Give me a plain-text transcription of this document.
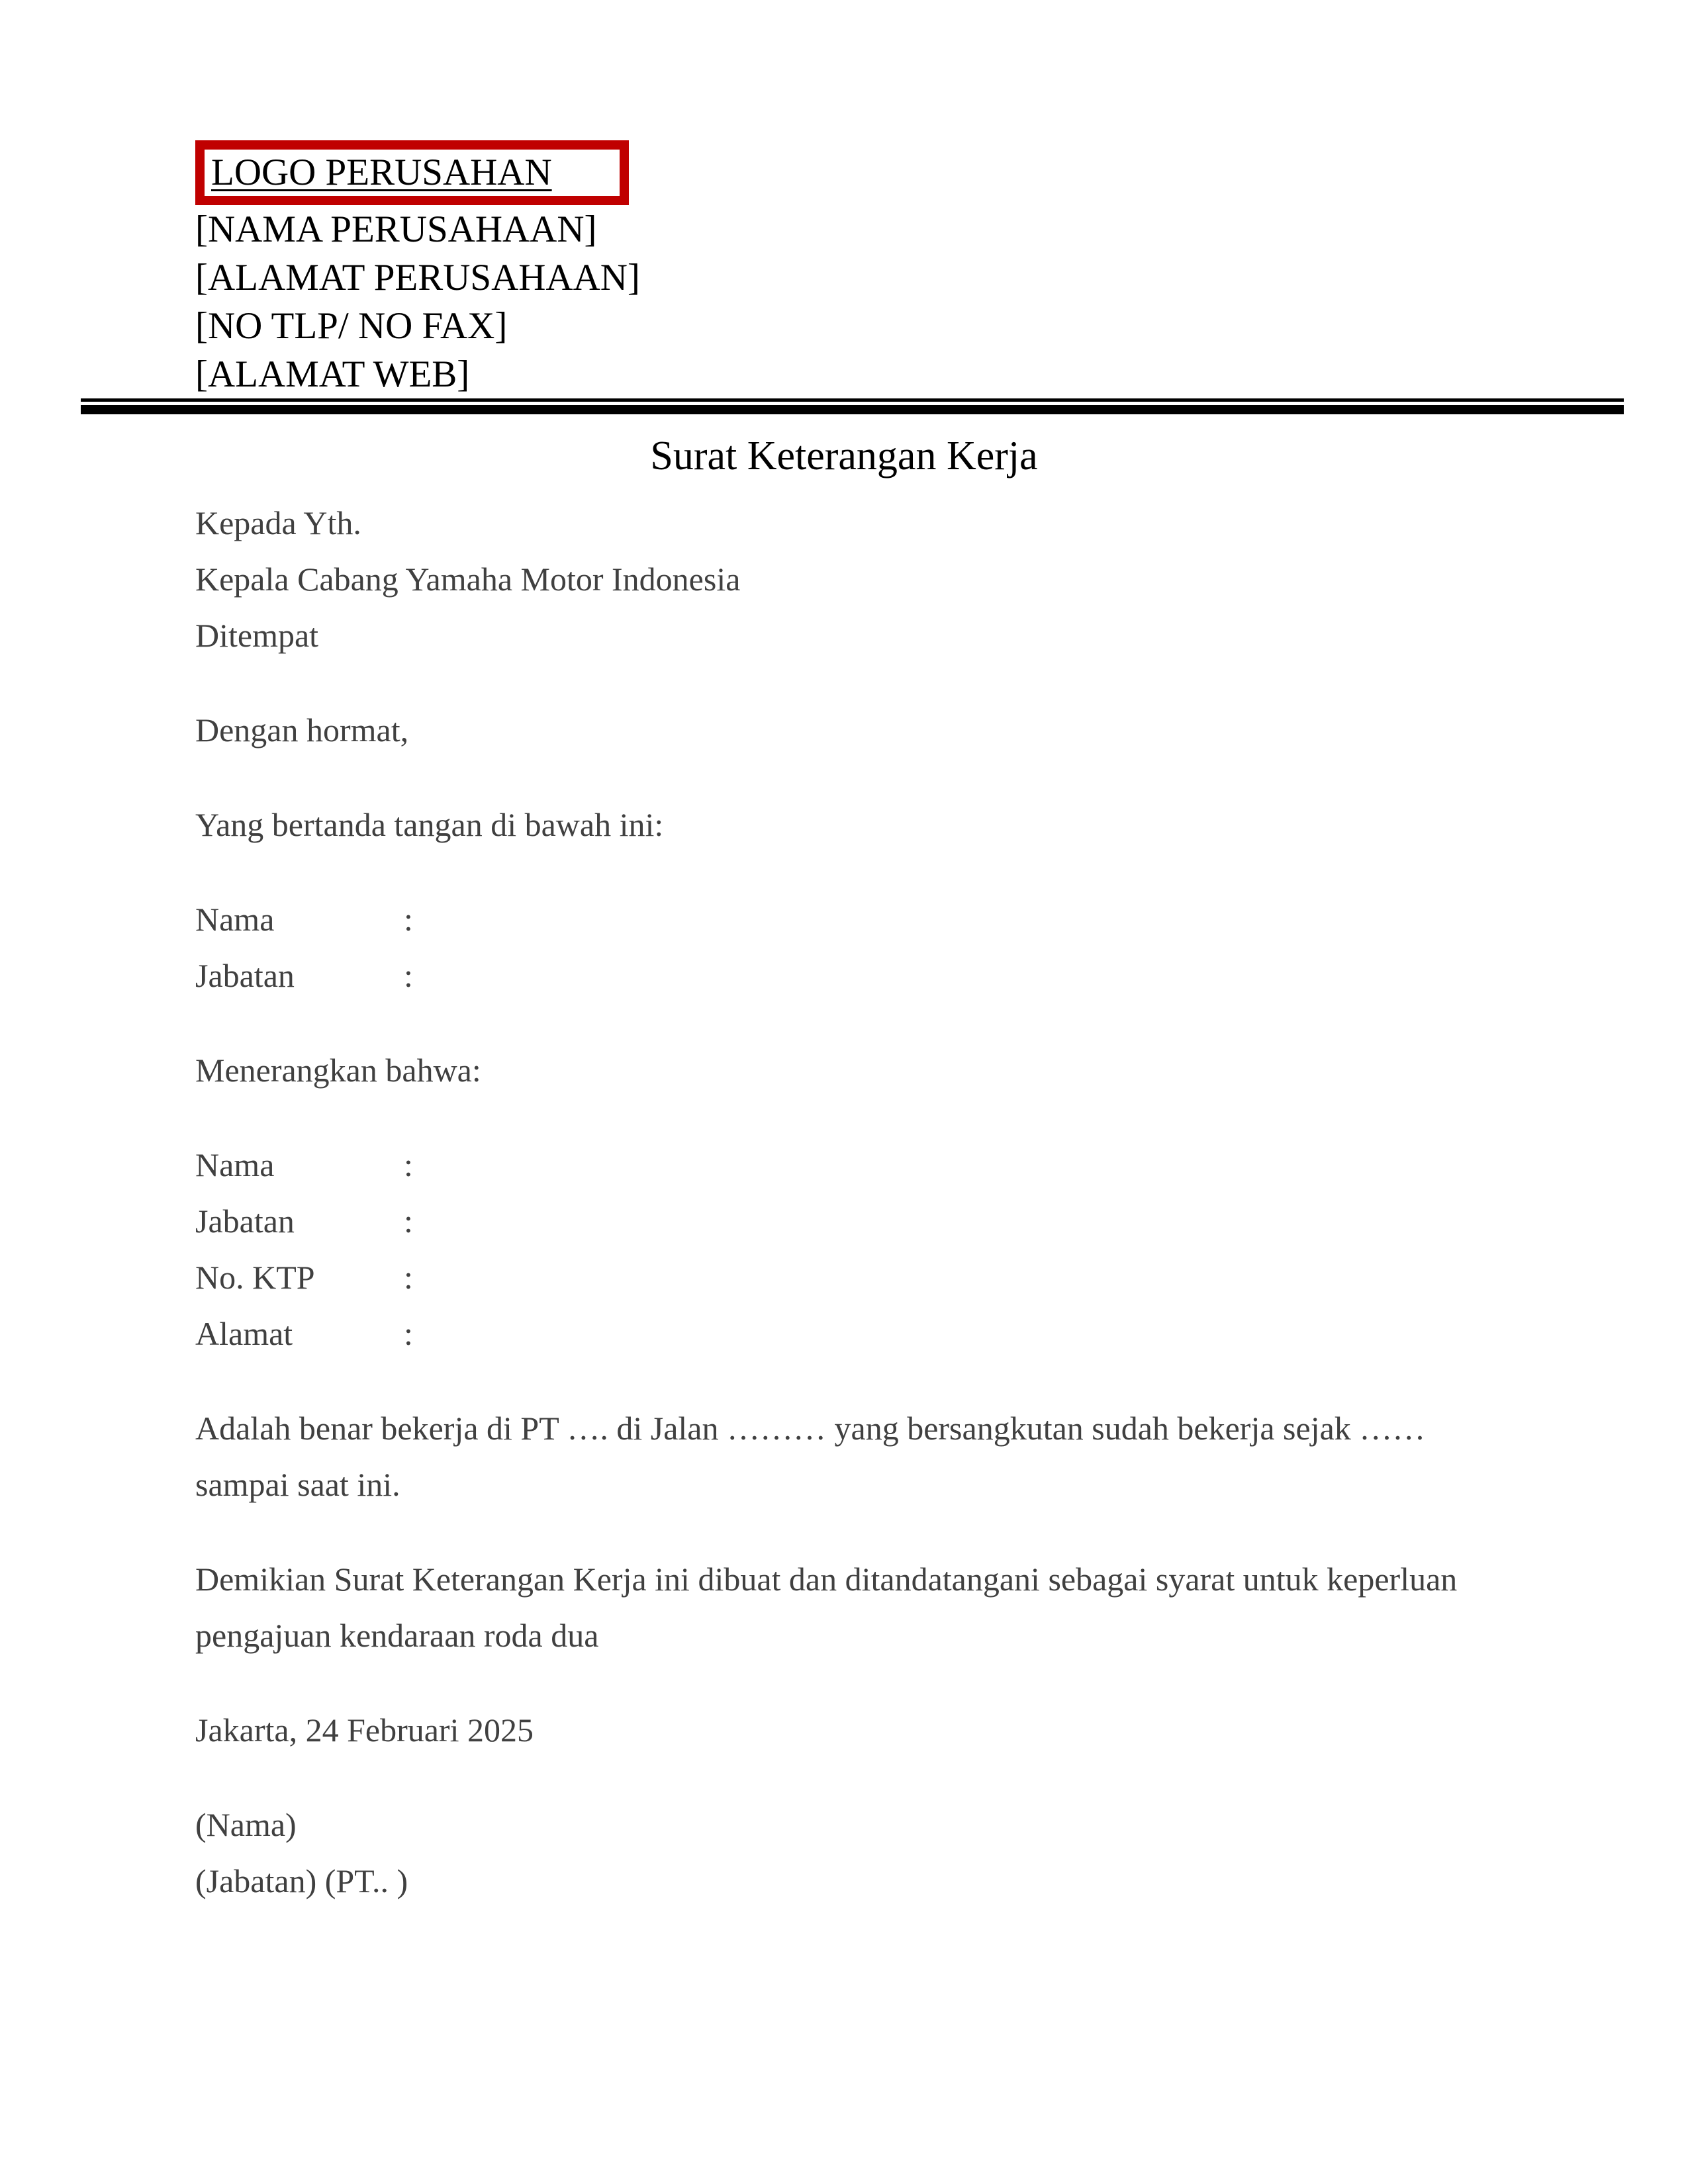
LOGO PERUSAHAN
[NAMA PERUSAHAAN]
[ALAMAT PERUSAHAAN]
[NO TLP/ NO FAX]
[ALAMAT WEB]
Surat Keterangan Kerja
Kepada Yth.
Kepala Cabang Yamaha Motor Indonesia
Ditempat
Dengan hormat,
Yang bertanda tangan di bawah ini:
Nama	:
Jabatan	:
Menerangkan bahwa:
Nama	:
Jabatan	:
No. KTP	:
Alamat	:
Adalah benar bekerja di PT …. di Jalan ……… yang bersangkutan sudah bekerja sejak …… sampai saat ini.
Demikian Surat Keterangan Kerja ini dibuat dan ditandatangani sebagai syarat untuk keperluan pengajuan kendaraan roda dua
Jakarta, 24 Februari 2025
(Nama)
(Jabatan) (PT.. )
